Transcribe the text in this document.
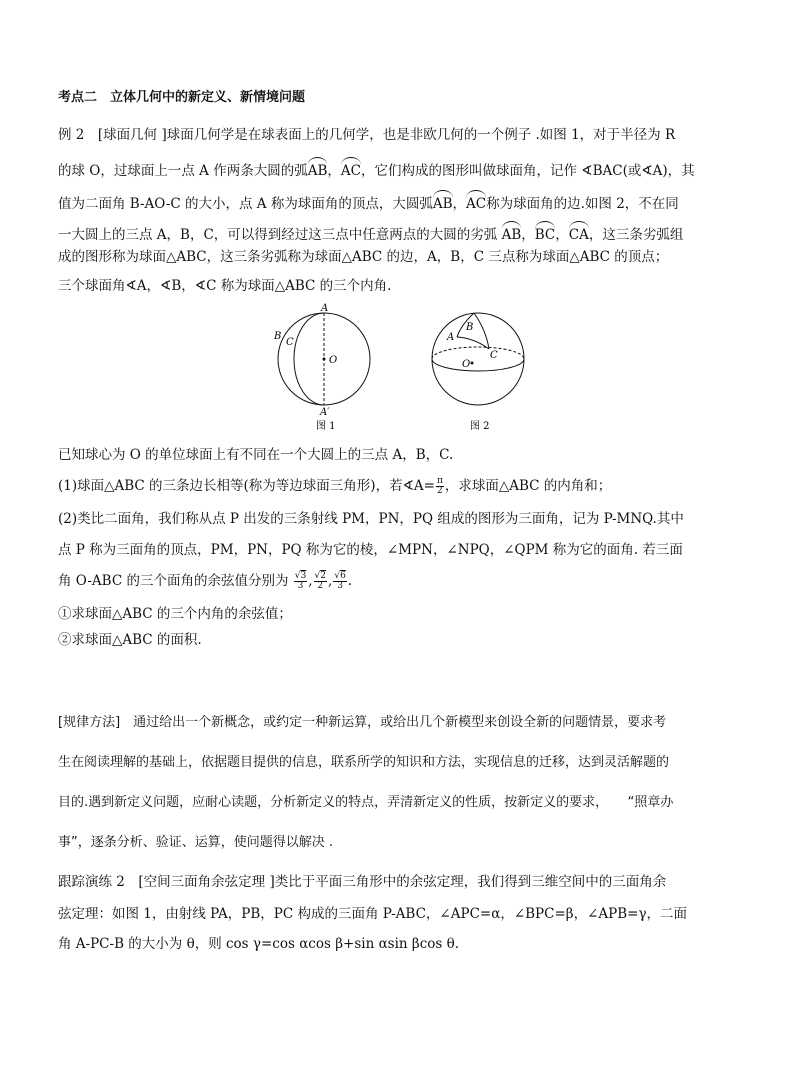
考点二　立体几何中的新定义、新情境问题
例 2　[球面几何 ]球面几何学是在球表面上的几何学，也是非欧几何的一个例子 .如图 1，对于半径为 R
的球 O，过球面上一点 A 作两条大圆的弧AB，AC，它们构成的图形叫做球面角，记作 ∢BAC(或∢A)，其
值为二面角 B-AO-C 的大小，点 A 称为球面角的顶点，大圆弧AB，AC称为球面角的边.如图 2，不在同
一大圆上的三点 A，B，C，可以得到经过这三点中任意两点的大圆的劣弧 AB，BC，CA，这三条劣弧组
成的图形称为球面△ABC，这三条劣弧称为球面△ABC 的边，A，B，C 三点称为球面△ABC 的顶点；
三个球面角∢A，∢B，∢C 称为球面△ABC 的三个内角.
A
A′
B
C
O
图 1
A
B
C
O
图 2
已知球心为 O 的单位球面上有不同在一个大圆上的三点 A，B，C.
(1)球面△ABC 的三条边长相等(称为等边球面三角形)，若∢A= $\frac{\pi}{2}$ ，求球面△ABC 的内角和；
(2)类比二面角，我们称从点 P 出发的三条射线 PM，PN，PQ 组成的图形为三面角，记为 P-MNQ.其中
点 P 称为三面角的顶点，PM，PN，PQ 称为它的棱，∠MPN，∠NPQ，∠QPM 称为它的面角. 若三面
角 O-ABC 的三个面角的余弦值分别为 $\frac{√3}{3}$ , $\frac{√2}{2}$ , $\frac{√6}{3}$ .
①求球面△ABC 的三个内角的余弦值；
②求球面△ABC 的面积.
[规律方法]　通过给出一个新概念，或约定一种新运算，或给出几个新模型来创设全新的问题情景，要求考
生在阅读理解的基础上，依据题目提供的信息，联系所学的知识和方法，实现信息的迁移，达到灵活解题的
目的.遇到新定义问题，应耐心读题，分析新定义的特点，弄清新定义的性质，按新定义的要求，　　“照章办
事”，逐条分析、验证、运算，使问题得以解决 .
跟踪演练 2　[空间三面角余弦定理 ]类比于平面三角形中的余弦定理，我们得到三维空间中的三面角余
弦定理：如图 1，由射线 PA，PB，PC 构成的三面角 P-ABC，∠APC=α，∠BPC=β，∠APB=γ，二面
角 A-PC-B 的大小为 θ，则 cos γ=cos αcos β+sin αsin βcos θ.
